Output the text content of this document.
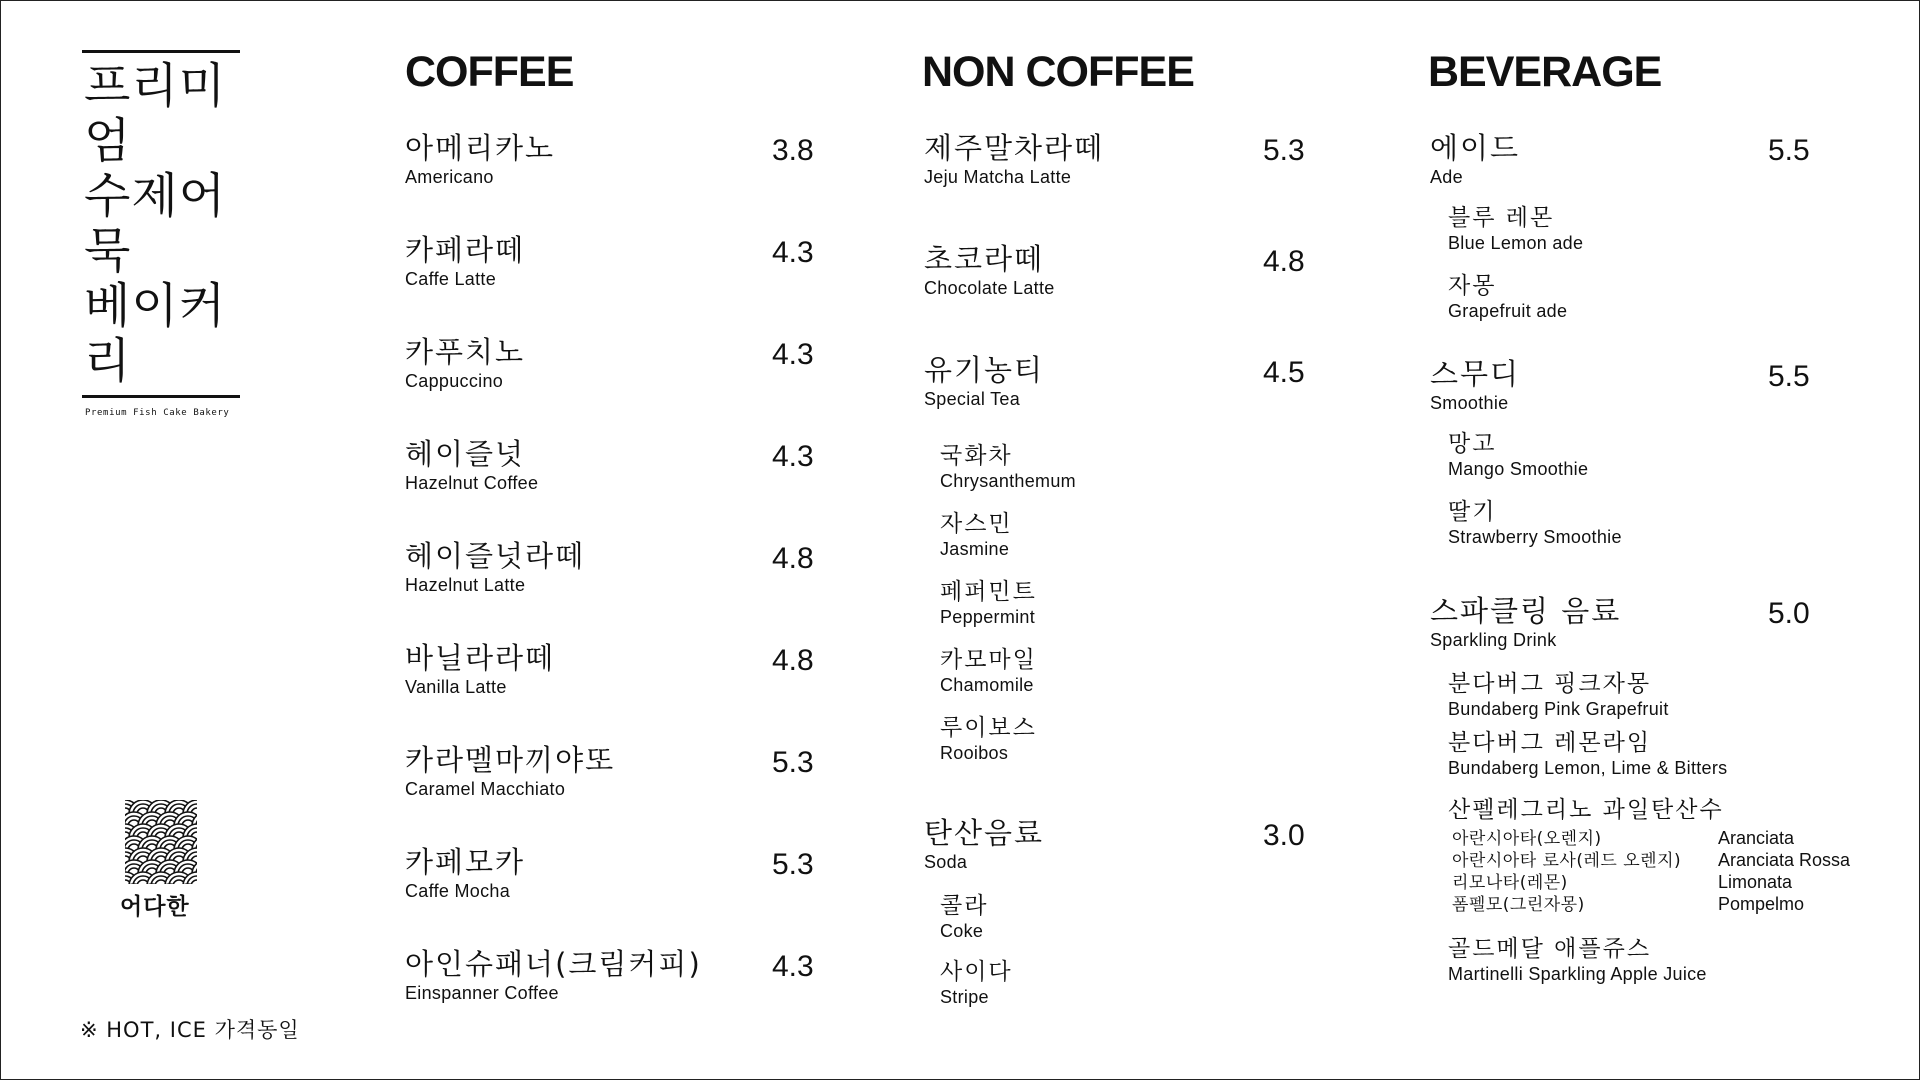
프리미엄
수제어묵
베이커리
Premium Fish Cake Bakery
어다한
※ HOT, ICE 가격동일
COFFEE	NON COFFEE	BEVERAGE
아메리카노
Americano
3.8
카페라떼
Caffe Latte
4.3
카푸치노
Cappuccino
4.3
헤이즐넛
Hazelnut Coffee
4.3
헤이즐넛라떼
Hazelnut Latte
4.8
바닐라라떼
Vanilla Latte
4.8
카라멜마끼야또
Caramel Macchiato
5.3
카페모카
Caffe Mocha
5.3
아인슈패너(크림커피)
Einspanner Coffee
4.3
제주말차라떼
Jeju Matcha Latte
5.3
초코라떼
Chocolate Latte
4.8
유기농티
Special Tea
4.5
국화차
Chrysanthemum
자스민
Jasmine
페퍼민트
Peppermint
카모마일
Chamomile
루이보스
Rooibos
탄산음료
Soda
3.0
콜라
Coke
사이다
Stripe
에이드
Ade
5.5
블루 레몬
Blue Lemon ade
자몽
Grapefruit ade
스무디
Smoothie
5.5
망고
Mango Smoothie
딸기
Strawberry Smoothie
스파클링 음료
Sparkling Drink
5.0
분다버그 핑크자몽
Bundaberg Pink Grapefruit
분다버그 레몬라임
Bundaberg Lemon, Lime & Bitters
산펠레그리노 과일탄산수
아란시아타(오렌지)	Aranciata
아란시아타 로사(레드 오렌지) Aranciata Rossa
리모나타(레몬)	Limonata
폼펠모(그린자몽)	Pompelmo
골드메달 애플쥬스
Martinelli Sparkling Apple Juice
